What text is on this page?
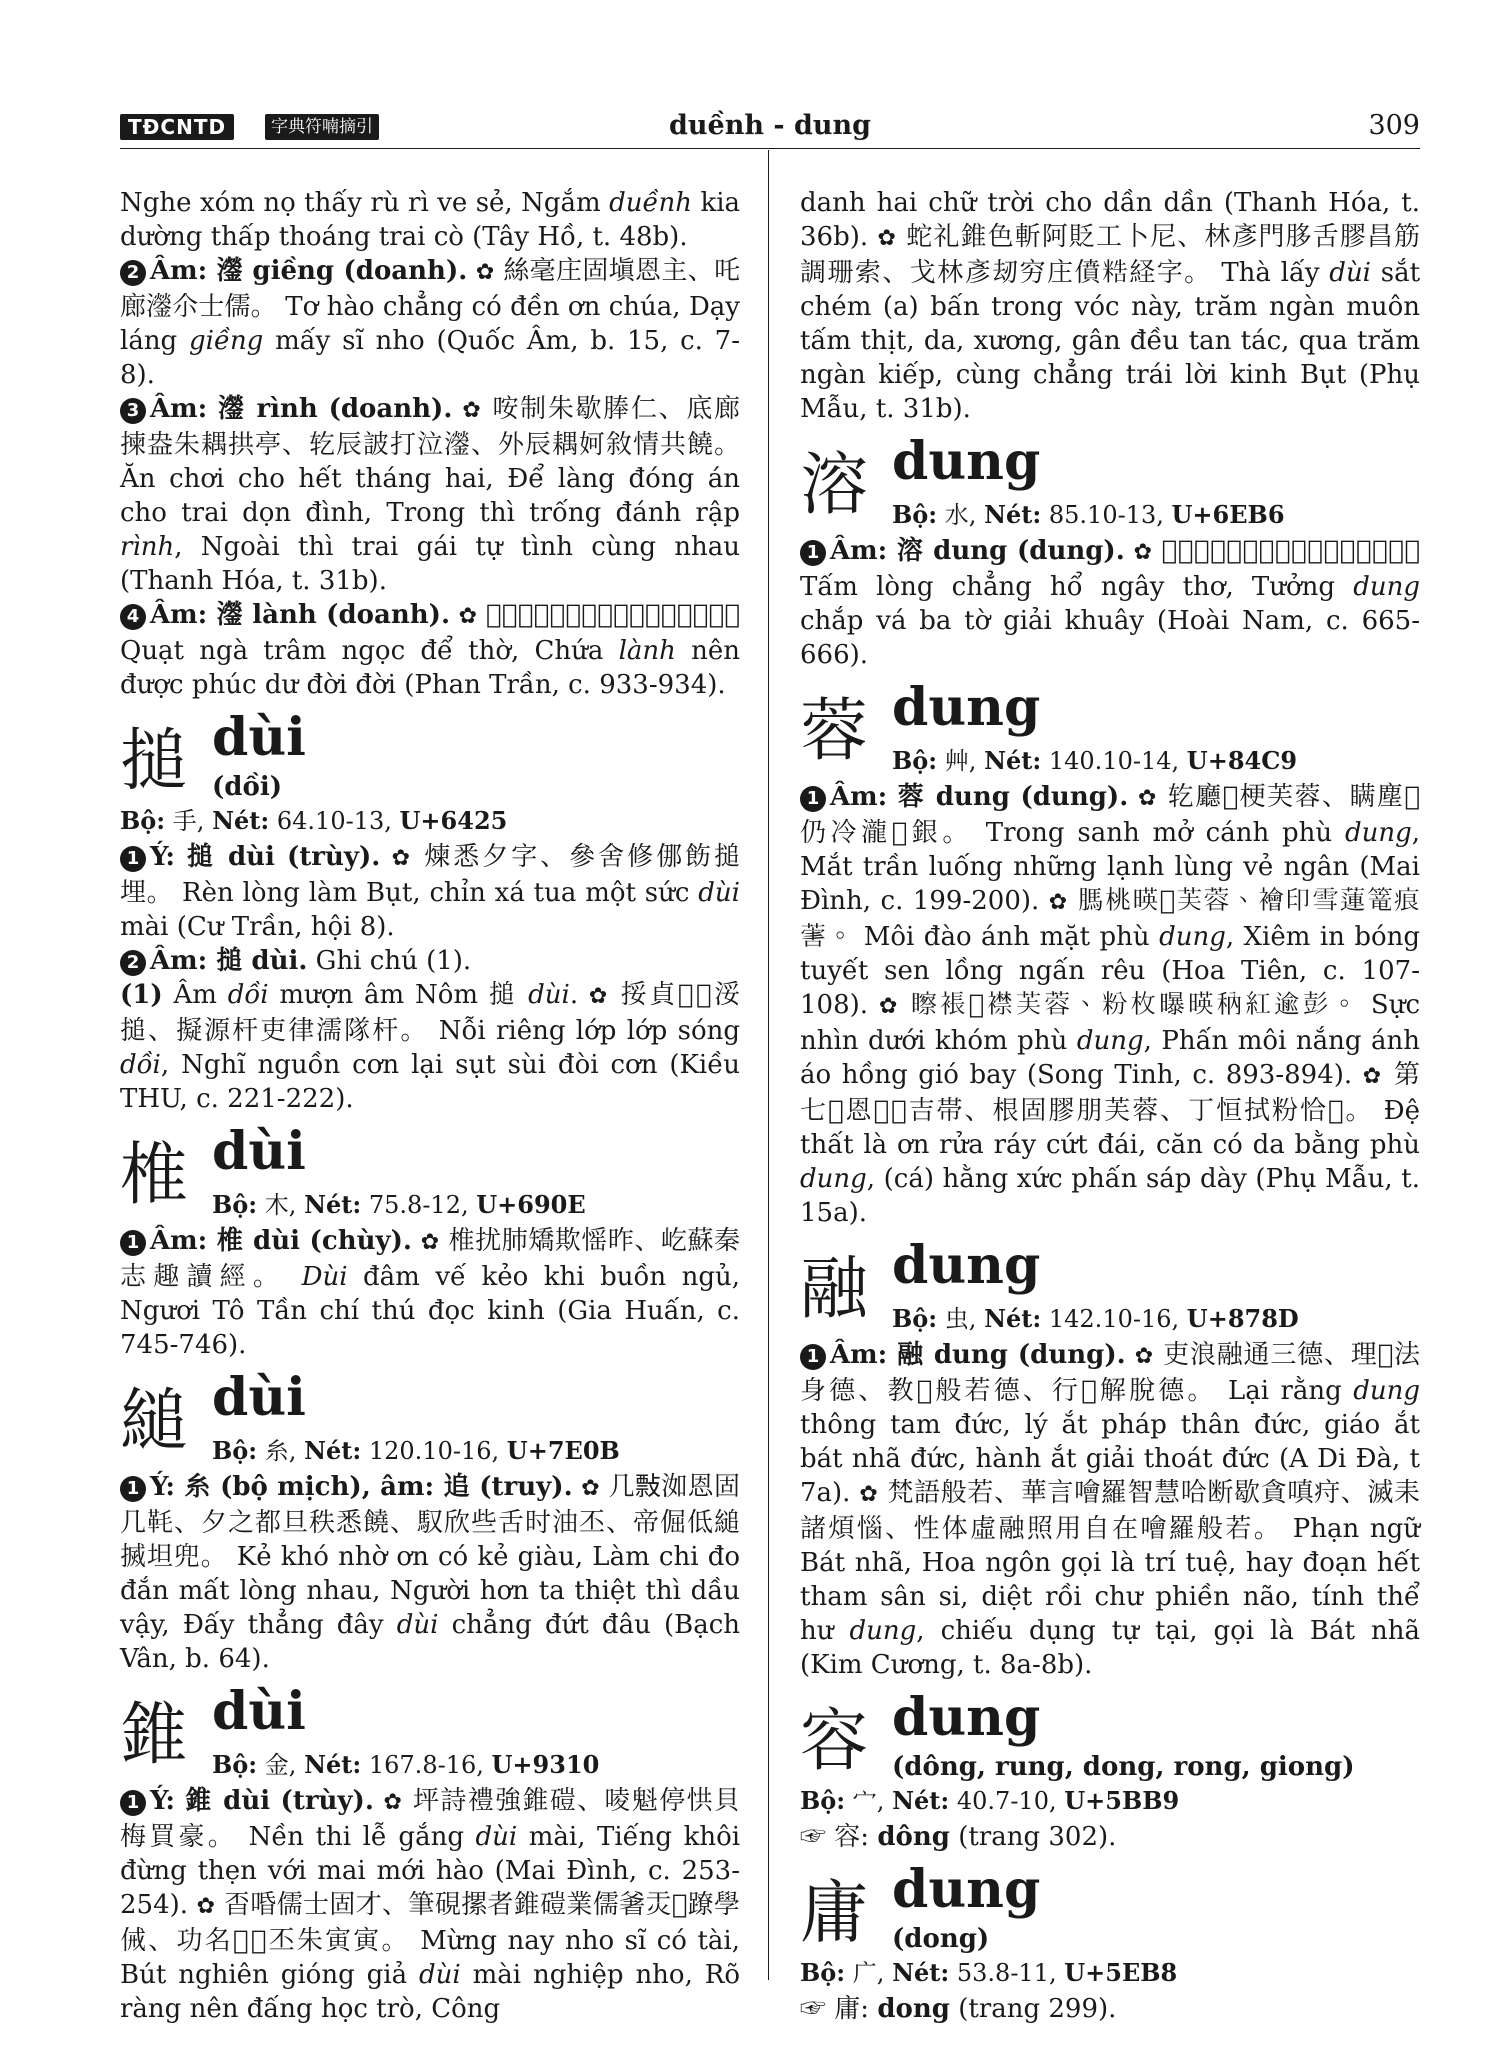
TĐCNTD	字典符喃摘引	duềnh - dung	309

Nghe xóm nọ thấy rù rì ve sẻ, Ngắm duềnh kia dường thấp thoáng trai cò (Tây Hồ, t. 48b).

2 Âm: 灐 giềng (doanh). ✿ 絲毫庄固塡恩主、吒廊灐尒士儒。 Tơ hào chẳng có đền ơn chúa, Dạy láng giềng mấy sĩ nho (Quốc Âm, b. 15, c. 7-8).

3 Âm: 灐 rình (doanh). ✿ 咹制朱歇䏾仁、底廊揀盎朱耦拱亭、䢀辰詖打泣灐、外辰耦妸敘情共饒。 Ăn chơi cho hết tháng hai, Để làng đóng án cho trai dọn đình, Trong thì trống đánh rập rình, Ngoài thì trai gái tự tình cùng nhau (Thanh Hóa, t. 31b).

4 Âm: 灐 lành (doanh). ✿ 𩛷牙簪玉底𡋂、渚灐𧋆特福餘𦹵𦹵。 Quạt ngà trâm ngọc để thờ, Chứa lành nên được phúc dư đời đời (Phan Trần, c. 933-934).

搥 dùi
(dồi)
Bộ: 手, Nét: 64.10-13, U+6425

1 Ý: 搥 dùi (trùy). ✿ 煉悉夕字、參舍修㑚飭搥埋。 Rèn lòng làm Bụt, chỉn xá tua một sức dùi mài (Cư Trần, hội 8).

2 Âm: 搥 dùi. Ghi chú (1).

(1) Âm dồi mượn âm Nôm 搥 dùi. ✿ 挼貞𪽞𪽞浽搥、擬源杆吏律濡隊杆。 Nỗi riêng lớp lớp sóng dồi, Nghĩ nguồn cơn lại sụt sùi đòi cơn (Kiều THU, c. 221-222).

椎 dùi
Bộ: 木, Nét: 75.8-12, U+690E

1 Âm: 椎 dùi (chùy). ✿ 椎扰肺矯欺愮昨、屹蘇秦志趣讀經。 Dùi đâm vế kẻo khi buồn ngủ, Ngươi Tô Tần chí thú đọc kinh (Gia Huấn, c. 745-746).

縋 dùi
Bộ: 糸, Nét: 120.10-16, U+7E0B

1 Ý: 糸 (bộ mịch), âm: 追 (truy). ✿ 几𢿏洳恩固几𩉪、夕之都旦秩悉饒、馭欣些舌时油丕、帝倔低縋搣坦兜。 Kẻ khó nhờ ơn có kẻ giàu, Làm chi đo đắn mất lòng nhau, Người hơn ta thiệt thì dầu vậy, Đấy thẳng đây dùi chẳng đứt đâu (Bạch Vân, b. 64).

錐 dùi
Bộ: 金, Nét: 167.8-16, U+9310

1 Ý: 錐 dùi (trùy). ✿ 坪詩禮強錐磑、㖫魁停㤨貝梅買豪。 Nền thi lễ gắng dùi mài, Tiếng khôi đừng thẹn với mai mới hào (Mai Đình, c. 253-254). ✿ 㫘㖧儒士固才、筆硯摞者錐磑業儒㸙㶣𧋆蹽學㑘、功名𧵑𡥵丕朱寅寅。 Mừng nay nho sĩ có tài, Bút nghiên gióng giả dùi mài nghiệp nho, Rõ ràng nên đấng học trò, Công

danh hai chữ trời cho dần dần (Thanh Hóa, t. 36b). ✿ 蛇礼錐色斬阿貶工卜尼、林彥門䏧舌膠昌筋調珊索、戈林彥刼穷庄僨𥺊経字。 Thà lấy dùi sắt chém (a) bấn trong vóc này, trăm ngàn muôn tấm thịt, da, xương, gân đều tan tác, qua trăm ngàn kiếp, cùng chẳng trái lời kinh Bụt (Phụ Mẫu, t. 31b).

溶 dung
Bộ: 水, Nét: 85.10-13, U+6EB6

1 Âm: 溶 dung (dung). ✿ 𢚸悉拯虎癡疎、想溶執𥚄𢀨詞解兮。 Tấm lòng chẳng hổ ngây thơ, Tưởng dung chắp vá ba tờ giải khuây (Hoài Nam, c. 665-666).

蓉 dung
Bộ: 艸, Nét: 140.10-14, U+84C9

1 Âm: 蓉 dung (dung). ✿ 䢀廳𦑗梗芙蓉、瞒塵𩄲仍冷瀧𥊚銀。 Trong sanh mở cánh phù dung, Mắt trần luống những lạnh lùng vẻ ngân (Mai Đình, c. 199-200). ✿ 𦟐桃暎𩈘芙蓉、襘印雪蓮篭痕𦵯。 Môi đào ánh mặt phù dung, Xiêm in bóng tuyết sen lồng ngấn rêu (Hoa Tiên, c. 107-108). ✿ 𥌀𧛇𣘃襟芙蓉、粉枚曝暎䄲紅逾彭。 Sực nhìn dưới khóm phù dung, Phấn môi nắng ánh áo hồng gió bay (Song Tinh, c. 893-894). ✿ 第七𠆳恩𠯅𦥻吉帯、根固膠朋芙蓉、丁恒拭粉恰𦗐。 Đệ thất là ơn rửa ráy cứt đái, căn có da bằng phù dung, (cá) hằng xức phấn sáp dày (Phụ Mẫu, t. 15a).

融 dung
Bộ: 虫, Nét: 142.10-16, U+878D

1 Âm: 融 dung (dung). ✿ 吏浪融通三德、理𠃅法身德、教𠃅般若德、行𠃅解脫德。 Lại rằng dung thông tam đức, lý ắt pháp thân đức, giáo ắt bát nhã đức, hành ắt giải thoát đức (A Di Đà, t 7a). ✿ 梵語般若、華言噲羅智慧哈断歇貪嗔疛、滅耒諸煩惱、性体虛融照用自在噲羅般若。 Phạn ngữ Bát nhã, Hoa ngôn gọi là trí tuệ, hay đoạn hết tham sân si, diệt rồi chư phiền não, tính thể hư dung, chiếu dụng tự tại, gọi là Bát nhã (Kim Cương, t. 8a-8b).

容 dung
(dông, rung, dong, rong, giong)
Bộ: 宀, Nét: 40.7-10, U+5BB9

☞ 容: dông (trang 302).

庸 dung
(dong)
Bộ: 广, Nét: 53.8-11, U+5EB8

☞ 庸: dong (trang 299).
